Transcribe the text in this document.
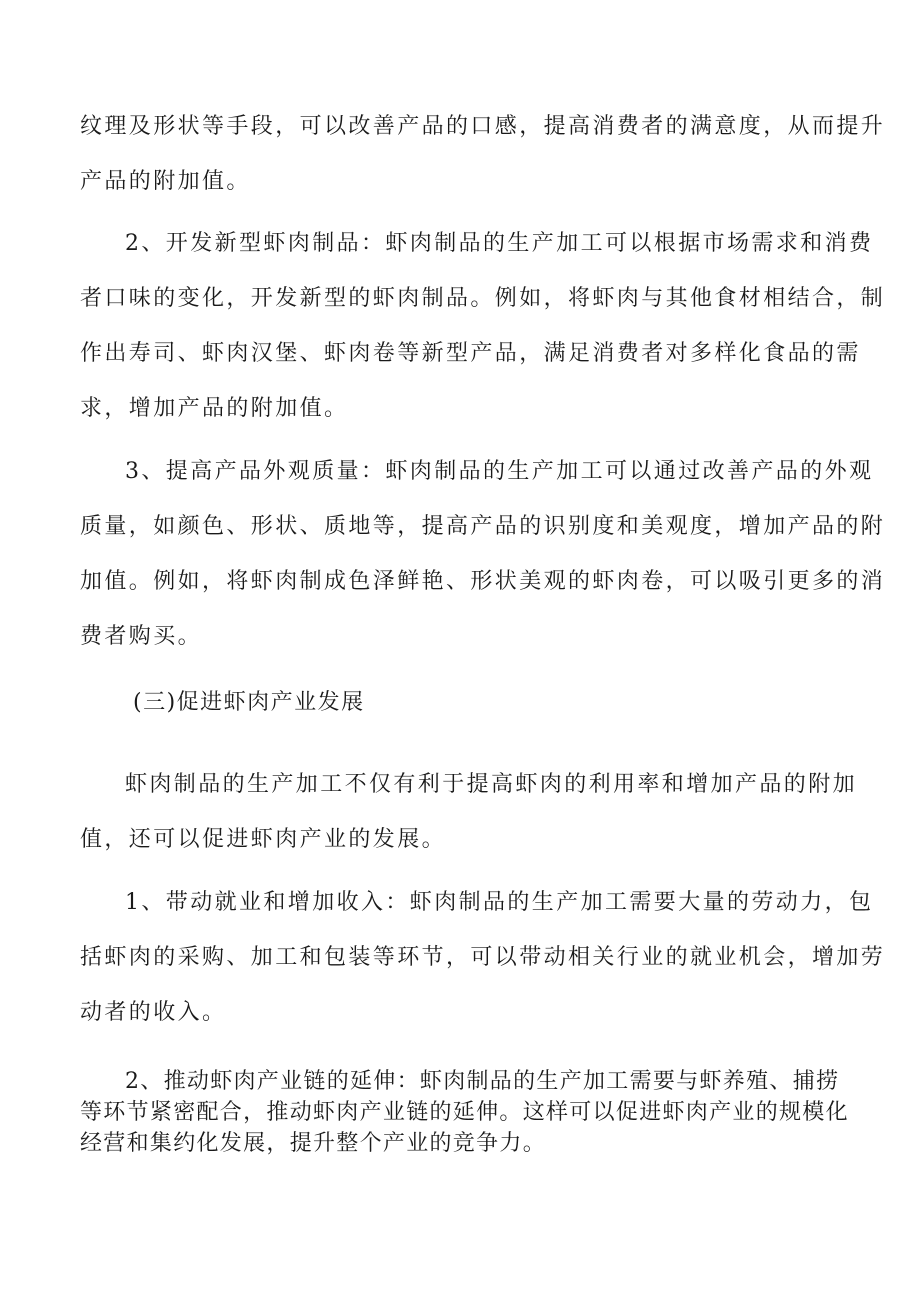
纹理及形状等手段，可以改善产品的口感，提高消费者的满意度，从而提升
产品的附加值。
2、开发新型虾肉制品：虾肉制品的生产加工可以根据市场需求和消费
者口味的变化，开发新型的虾肉制品。例如，将虾肉与其他食材相结合，制
作出寿司、虾肉汉堡、虾肉卷等新型产品，满足消费者对多样化食品的需
求，增加产品的附加值。
3、提高产品外观质量：虾肉制品的生产加工可以通过改善产品的外观
质量，如颜色、形状、质地等，提高产品的识别度和美观度，增加产品的附
加值。例如，将虾肉制成色泽鲜艳、形状美观的虾肉卷，可以吸引更多的消
费者购买。
(三)促进虾肉产业发展
虾肉制品的生产加工不仅有利于提高虾肉的利用率和增加产品的附加
值，还可以促进虾肉产业的发展。
1、带动就业和增加收入：虾肉制品的生产加工需要大量的劳动力，包
括虾肉的采购、加工和包装等环节，可以带动相关行业的就业机会，增加劳
动者的收入。
2、推动虾肉产业链的延伸：虾肉制品的生产加工需要与虾养殖、捕捞
等环节紧密配合，推动虾肉产业链的延伸。这样可以促进虾肉产业的规模化
经营和集约化发展，提升整个产业的竞争力。
